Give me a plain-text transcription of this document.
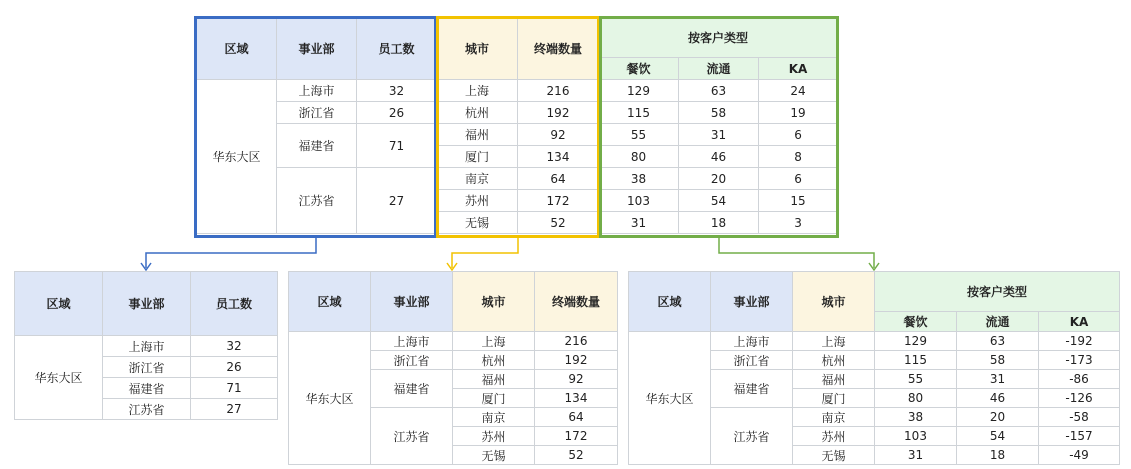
区域	事业部	员工数	城市	终端数量	按客户类型		
					餐饮	流通	KA
华东大区	上海市	32	上海	216	129	63	24
	浙江省	26	杭州	192	115	58	19
	福建省	71	福州	92	55	31	6
			厦门	134	80	46	8
	江苏省	27	南京	64	38	20	6
			苏州	172	103	54	15
			无锡	52	31	18	3
区域	事业部	员工数
华东大区	上海市	32
	浙江省	26
	福建省	71
	江苏省	27
区域	事业部	城市	终端数量
华东大区	上海市	上海	216
	浙江省	杭州	192
	福建省	福州	92
		厦门	134
	江苏省	南京	64
		苏州	172
		无锡	52
区域	事业部	城市	按客户类型		
			餐饮	流通	KA
华东大区	上海市	上海	129	63	-192
	浙江省	杭州	115	58	-173
	福建省	福州	55	31	-86
		厦门	80	46	-126
	江苏省	南京	38	20	-58
		苏州	103	54	-157
		无锡	31	18	-49
